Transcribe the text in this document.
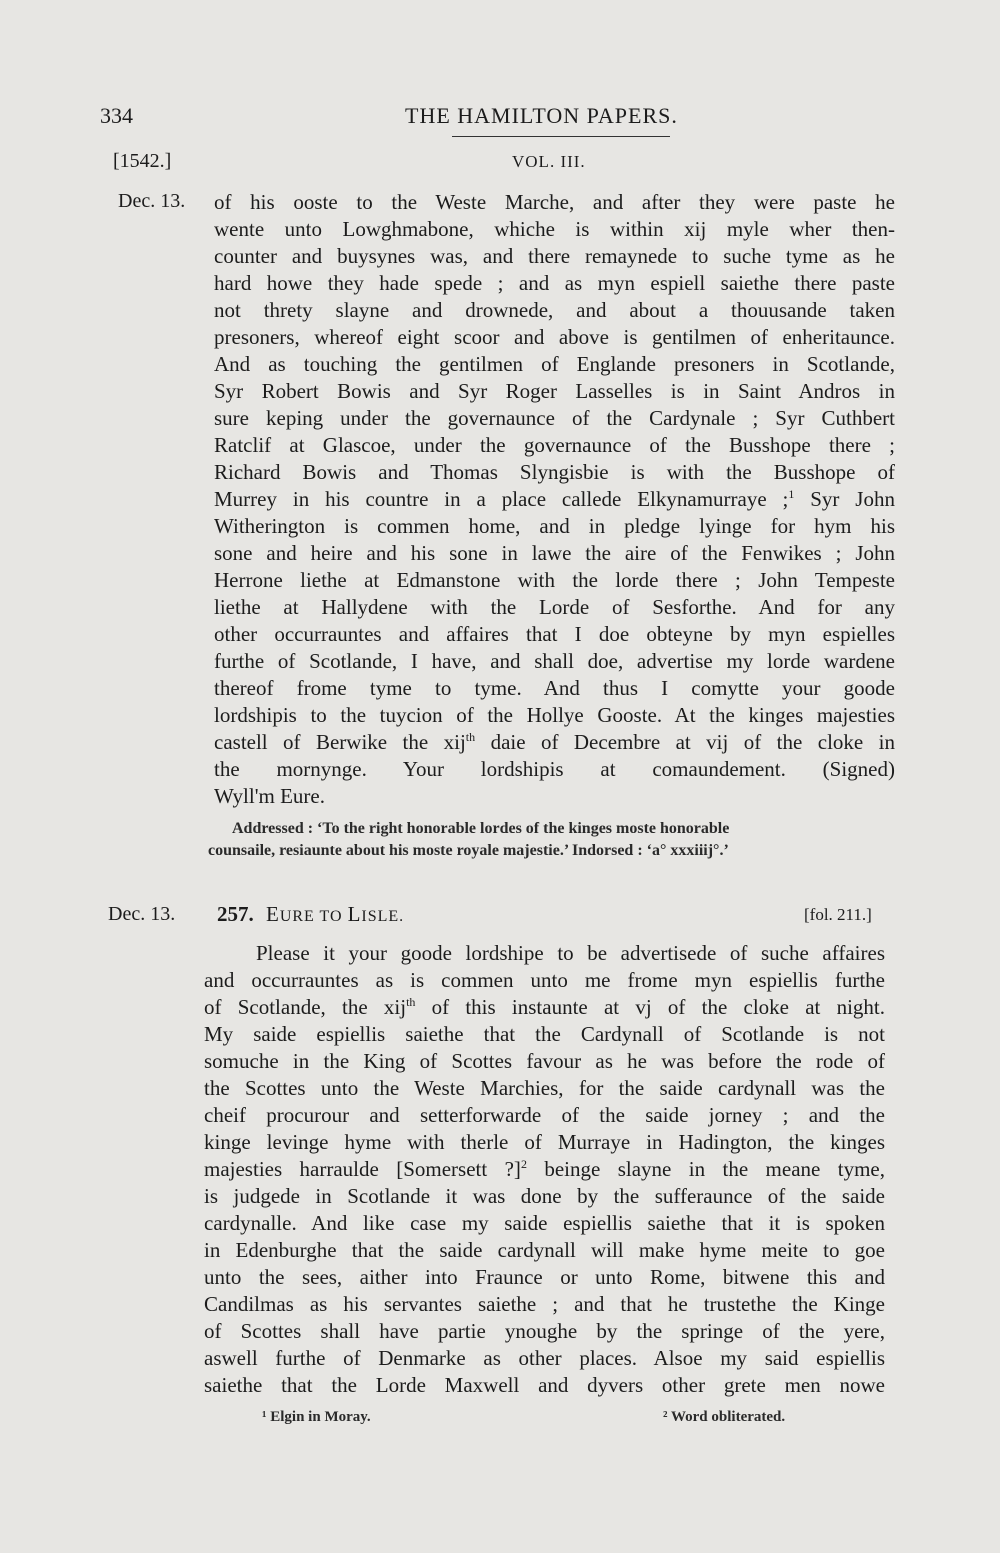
334	THE HAMILTON PAPERS.
[1542.]	VOL. III.
Dec. 13. of his ooste to the Weste Marche, and after they were paste he
wente unto Lowghmabone, whiche is within xij myle wher then-
counter and buysynes was, and there remaynede to suche tyme as he
hard howe they hade spede ; and as myn espiell saiethe there paste
not threty slayne and drownede, and about a thouusande taken
presoners, whereof eight scoor and above is gentilmen of enheritaunce.
And as touching the gentilmen of Englande presoners in Scotlande,
Syr Robert Bowis and Syr Roger Lasselles is in Saint Andros in
sure keping under the governaunce of the Cardynale ; Syr Cuthbert
Ratclif at Glascoe, under the governaunce of the Busshope there ;
Richard Bowis and Thomas Slyngisbie is with the Busshope of
Murrey in his countre in a place callede Elkynamurraye ;$^1$ Syr John
Witherington is commen home, and in pledge lyinge for hym his
sone and heire and his sone in lawe the aire of the Fenwikes ; John
Herrone liethe at Edmanstone with the lorde there ; John Tempeste
liethe at Hallydene with the Lorde of Sesforthe. And for any
other occurrauntes and affaires that I doe obteyne by myn espielles
furthe of Scotlande, I have, and shall doe, advertise my lorde wardene
thereof frome tyme to tyme. And thus I comytte your goode
lordshipis to the tuycion of the Hollye Gooste. At the kinges majesties
castell of Berwike the xij$^{th}$ daie of Decembre at vij of the cloke in
the mornynge. Your lordshipis at comaundement. (Signed)
Wyll'm Eure.
Addressed : ‘To the right honorable lordes of the kinges moste honorable
counsaile, resiaunte about his moste royale majestie.’ Indorsed : ‘a° xxxiiij°.’
Dec. 13. 257. EURE TO LISLE.	[fol. 211.]
Please it your goode lordshipe to be advertisede of suche affaires
and occurrauntes as is commen unto me frome myn espiellis furthe
of Scotlande, the xij$^{th}$ of this instaunte at vj of the cloke at night.
My saide espiellis saiethe that the Cardynall of Scotlande is not
somuche in the King of Scottes favour as he was before the rode of
the Scottes unto the Weste Marchies, for the saide cardynall was the
cheif procurour and setterforwarde of the saide jorney ; and the
kinge levinge hyme with therle of Murraye in Hadington, the kinges
majesties harraulde [Somersett ?]$^2$ beinge slayne in the meane tyme,
is judgede in Scotlande it was done by the sufferaunce of the saide
cardynalle. And like case my saide espiellis saiethe that it is spoken
in Edenburghe that the saide cardynall will make hyme meite to goe
unto the sees, aither into Fraunce or unto Rome, bitwene this and
Candilmas as his servantes saiethe ; and that he trustethe the Kinge
of Scottes shall have partie ynoughe by the springe of the yere,
aswell furthe of Denmarke as other places. Alsoe my said espiellis
saiethe that the Lorde Maxwell and dyvers other grete men nowe
¹ Elgin in Moray.	² Word obliterated.
